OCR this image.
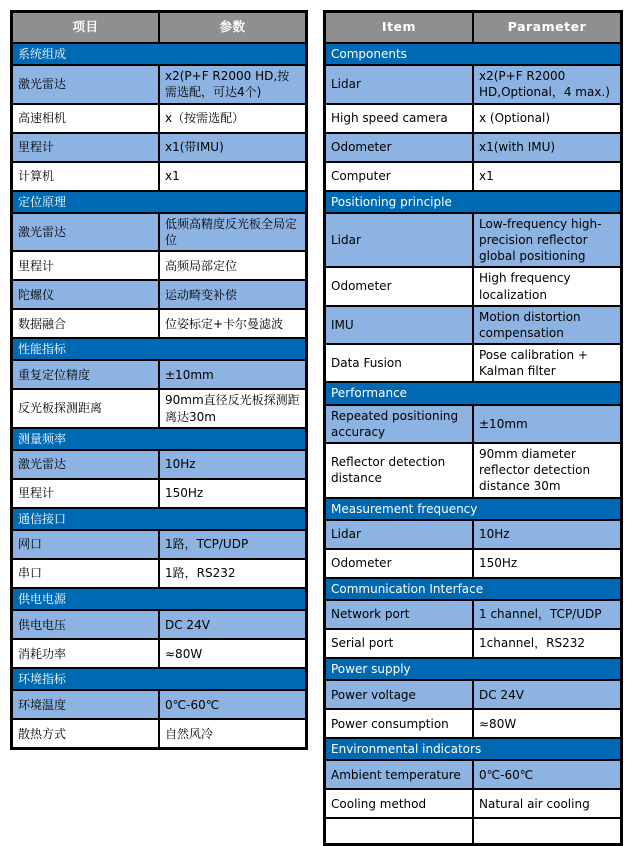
项目	参数
系统组成	
激光雷达	x2(P+F R2000 HD,按需选配，可达4个)
高速相机	x（按需选配）
里程计	x1(带IMU)
计算机	x1
定位原理	
激光雷达	低频高精度反光板全局定位
里程计	高频局部定位
陀螺仪	运动畸变补偿
数据融合	位姿标定+卡尔曼滤波
性能指标	
重复定位精度	±10mm
反光板探测距离	90mm直径反光板探测距离达30m
测量频率	
激光雷达	10Hz
里程计	150Hz
通信接口	
网口	1路，TCP/UDP
串口	1路，RS232
供电电源	
供电电压	DC 24V
消耗功率	≈80W
环境指标	
环境温度	0℃-60℃
散热方式	自然风冷
Item	Parameter
Components	
Lidar	x2(P+F R2000 HD,Optional，4 max.)
High speed camera	x (Optional)
Odometer	x1(with IMU)
Computer	x1
Positioning principle	
Lidar	Low-frequency high-precision reflector global positioning
Odometer	High frequency localization
IMU	Motion distortion compensation
Data Fusion	Pose calibration + Kalman filter
Performance	
Repeated positioning accuracy	±10mm
Reflector detection distance	90mm diameter reflector detection distance 30m
Measurement frequency	
Lidar	10Hz
Odometer	150Hz
Communication Interface	
Network port	1 channel，TCP/UDP
Serial port	1channel，RS232
Power supply	
Power voltage	DC 24V
Power consumption	≈80W
Environmental indicators	
Ambient temperature	0℃-60℃
Cooling method	Natural air cooling
